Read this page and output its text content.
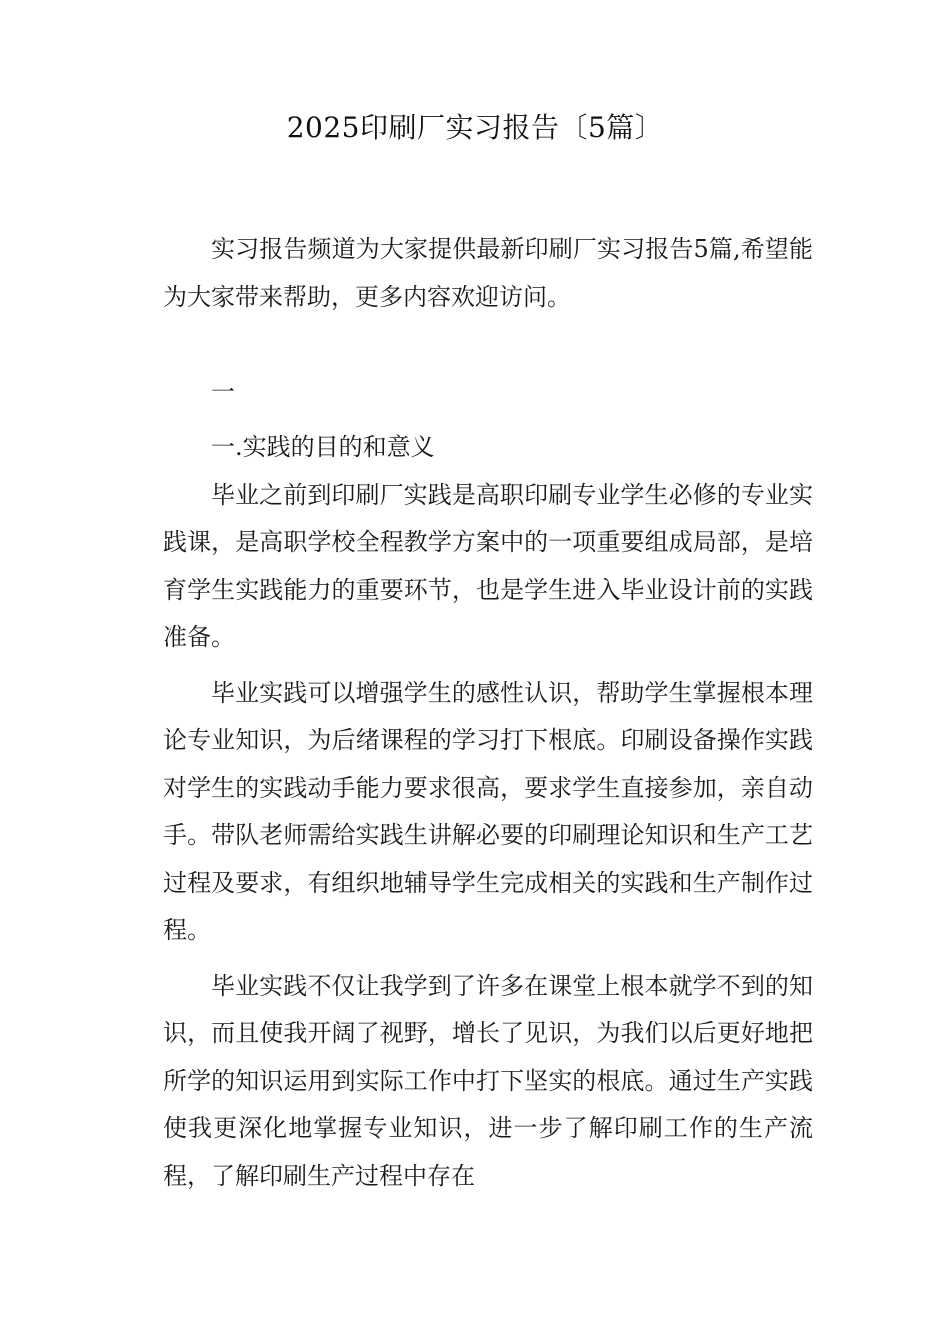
2025印刷厂实习报告〔5篇〕

实习报告频道为大家提供最新印刷厂实习报告5篇,希望能为大家带来帮助，更多内容欢迎访问。

一

一.实践的目的和意义

毕业之前到印刷厂实践是高职印刷专业学生必修的专业实践课，是高职学校全程教学方案中的一项重要组成局部，是培育学生实践能力的重要环节，也是学生进入毕业设计前的实践准备。

毕业实践可以增强学生的感性认识，帮助学生掌握根本理论专业知识，为后绪课程的学习打下根底。印刷设备操作实践对学生的实践动手能力要求很高，要求学生直接参加，亲自动手。带队老师需给实践生讲解必要的印刷理论知识和生产工艺过程及要求，有组织地辅导学生完成相关的实践和生产制作过程。

毕业实践不仅让我学到了许多在课堂上根本就学不到的知识，而且使我开阔了视野，增长了见识，为我们以后更好地把所学的知识运用到实际工作中打下坚实的根底。通过生产实践使我更深化地掌握专业知识，进一步了解印刷工作的生产流程，了解印刷生产过程中存在
